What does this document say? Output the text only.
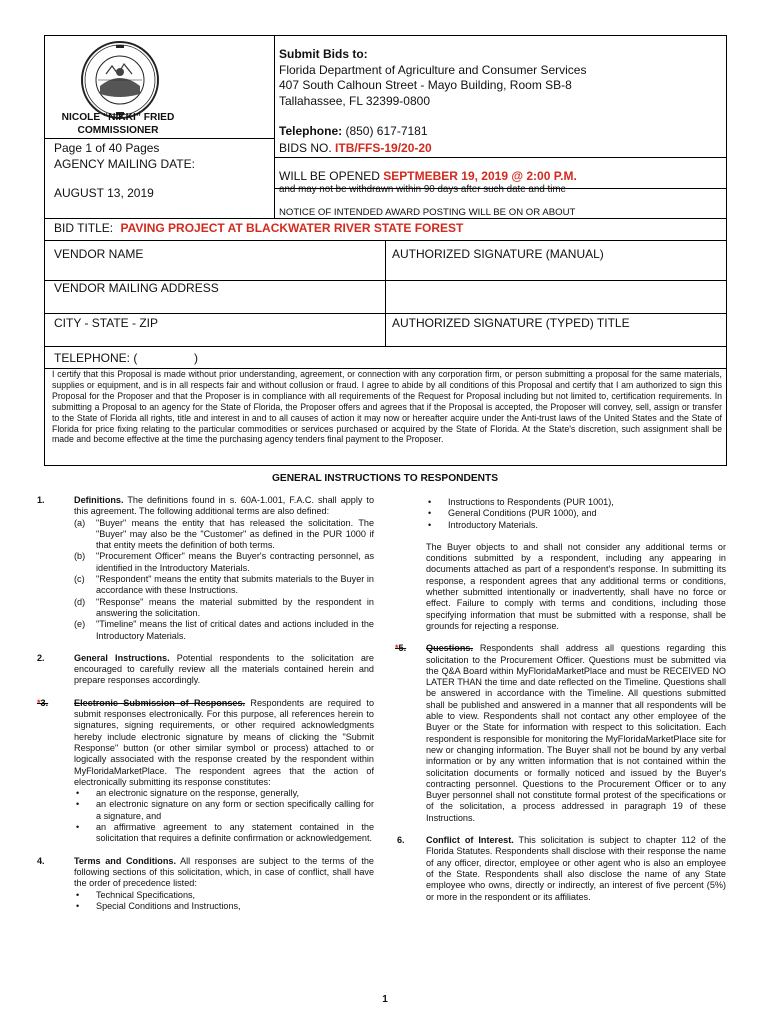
NICOLE “NIKKI” FRIED
COMMISSIONER
Submit Bids to:
Florida Department of Agriculture and Consumer Services
407 South Calhoun Street - Mayo Building, Room SB-8
Tallahassee, FL 32399-0800
Telephone: (850) 617-7181
Page 1 of 40 Pages
AGENCY MAILING DATE:
AUGUST 13, 2019
BIDS NO. ITB/FFS-19/20-20
WILL BE OPENED SEPTMEBER 19, 2019 @ 2:00 P.M.
and may not be withdrawn within 90 days after such date and time
NOTICE OF INTENDED AWARD POSTING WILL BE ON OR ABOUT
BID TITLE: PAVING PROJECT AT BLACKWATER RIVER STATE FOREST
VENDOR NAME	AUTHORIZED SIGNATURE (MANUAL)
VENDOR MAILING ADDRESS
CITY - STATE - ZIP	AUTHORIZED SIGNATURE (TYPED) TITLE
TELEPHONE: (                 )
I certify that this Proposal is made without prior understanding, agreement, or connection with any corporation firm, or person submitting a proposal for the same materials, supplies or equipment, and is in all respects fair and without collusion or fraud. I agree to abide by all conditions of this Proposal and certify that I am authorized to sign this Proposal for the Proposer and that the Proposer is in compliance with all requirements of the Request for Proposal including but not limited to, certification requirements. In submitting a Proposal to an agency for the State of Florida, the Proposer offers and agrees that if the Proposal is accepted, the Proposer will convey, sell, assign or transfer to the State of Florida all rights, title and interest in and to all causes of action it may now or hereafter acquire under the Anti-trust laws of the United States and the State of Florida for price fixing relating to the particular commodities or services purchased or acquired by the State of Florida. At the State's discretion, such assignment shall be made and become effective at the time the purchasing agency tenders final payment to the Proposer.
GENERAL INSTRUCTIONS TO RESPONDENTS
1.	Definitions. The definitions found in s. 60A-1.001, F.A.C. shall apply to this agreement. The following additional terms are also defined:

(a) "Buyer" means the entity that has released the solicitation. The "Buyer" may also be the "Customer" as defined in the PUR 1000 if that entity meets the definition of both terms.
(b) "Procurement Officer" means the Buyer's contracting personnel, as identified in the Introductory Materials.
(c) "Respondent" means the entity that submits materials to the Buyer in accordance with these Instructions.
(d) "Response" means the material submitted by the respondent in answering the solicitation.
(e) "Timeline" means the list of critical dates and actions included in the Introductory Materials.
2.	General Instructions. Potential respondents to the solicitation are encouraged to carefully review all the materials contained herein and prepare responses accordingly.

*3.	Electronic Submission of Responses. Respondents are required to submit responses electronically. For this purpose, all references herein to signatures, signing requirements, or other required acknowledgments hereby include electronic signature by means of clicking the "Submit Response" button (or other similar symbol or process) attached to or logically associated with the response created by the respondent within MyFloridaMarketPlace. The respondent agrees that the action of electronically submitting its response constitutes:

• an electronic signature on the response, generally,
• an electronic signature on any form or section specifically calling for a signature, and
• an affirmative agreement to any statement contained in the solicitation that requires a definite confirmation or acknowledgement.
4.	Terms and Conditions. All responses are subject to the terms of the following sections of this solicitation, which, in case of conflict, shall have the order of precedence listed:

• Technical Specifications,
• Special Conditions and Instructions,
• Instructions to Respondents (PUR 1001),
• General Conditions (PUR 1000), and
• Introductory Materials.

The Buyer objects to and shall not consider any additional terms or conditions submitted by a respondent, including any appearing in documents attached as part of a respondent's response. In submitting its response, a respondent agrees that any additional terms or conditions, whether submitted intentionally or inadvertently, shall have no force or effect. Failure to comply with terms and conditions, including those specifying information that must be submitted with a response, shall be grounds for rejecting a response.

*5. Questions. Respondents shall address all questions regarding this solicitation to the Procurement Officer. Questions must be submitted via the Q&A Board within MyFloridaMarketPlace and must be RECEIVED NO LATER THAN the time and date reflected on the Timeline. Questions shall be answered in accordance with the Timeline. All questions submitted shall be published and answered in a manner that all respondents will be able to view. Respondents shall not contact any other employee of the Buyer or the State for information with respect to this solicitation. Each respondent is responsible for monitoring the MyFloridaMarketPlace site for new or changing information. The Buyer shall not be bound by any verbal information or by any written information that is not contained within the solicitation documents or formally noticed and issued by the Buyer's contracting personnel. Questions to the Procurement Officer or to any Buyer personnel shall not constitute formal protest of the specifications or of the solicitation, a process addressed in paragraph 19 of these Instructions.

6. Conflict of Interest. This solicitation is subject to chapter 112 of the Florida Statutes. Respondents shall disclose with their response the name of any officer, director, employee or other agent who is also an employee of the State. Respondents shall also disclose the name of any State employee who owns, directly or indirectly, an interest of five percent (5%) or more in the respondent or its affiliates.

1
